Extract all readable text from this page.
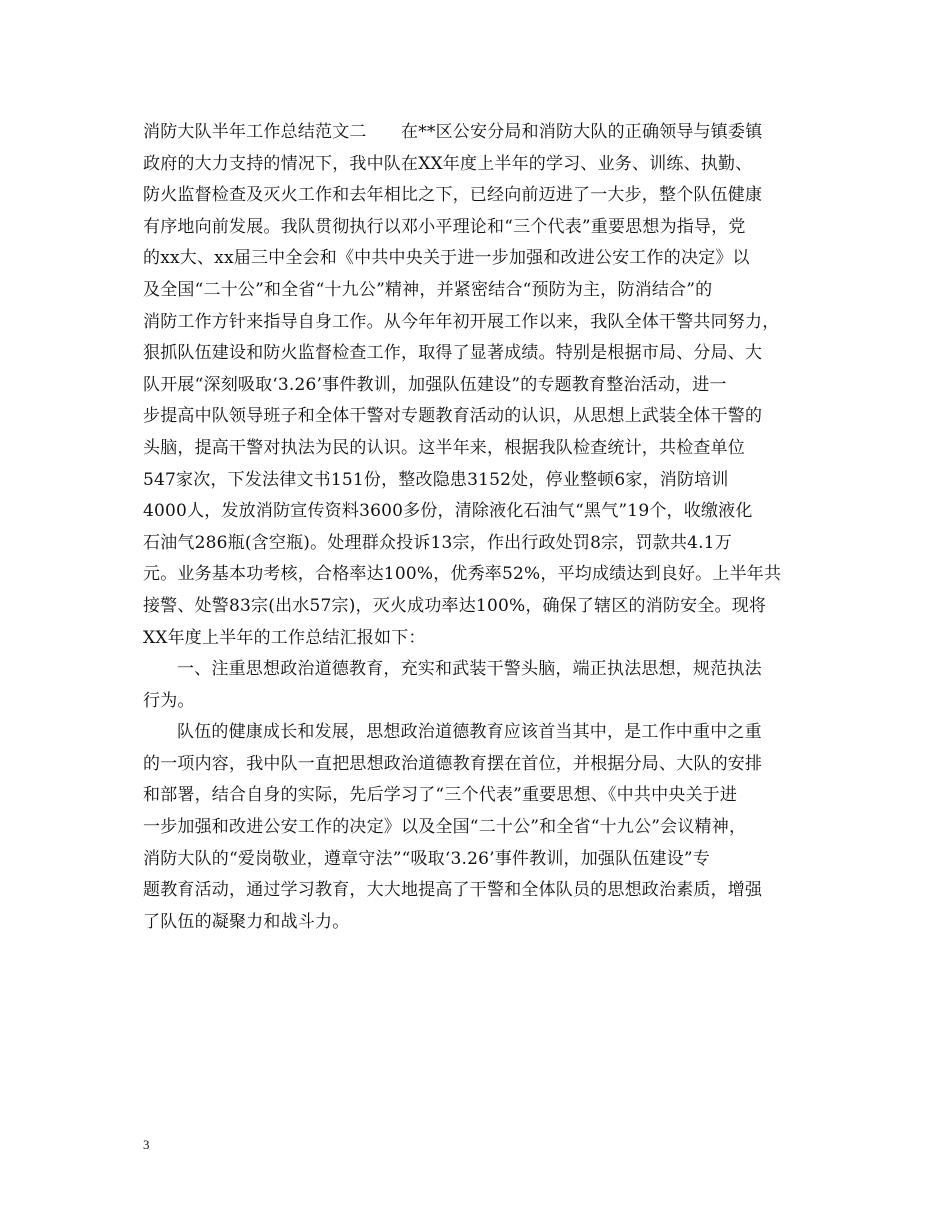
消防大队半年工作总结范文二　　在**区公安分局和消防大队的正确领导与镇委镇
政府的大力支持的情况下，我中队在XX年度上半年的学习、业务、训练、执勤、
防火监督检查及灭火工作和去年相比之下，已经向前迈进了一大步，整个队伍健康
有序地向前发展。我队贯彻执行以邓小平理论和“三个代表”重要思想为指导，党
的xx大、xx届三中全会和《中共中央关于进一步加强和改进公安工作的决定》以
及全国“二十公”和全省“十九公”精神，并紧密结合“预防为主，防消结合”的
消防工作方针来指导自身工作。从今年年初开展工作以来，我队全体干警共同努力，
狠抓队伍建设和防火监督检查工作，取得了显著成绩。特别是根据市局、分局、大
队开展“深刻吸取‘3.26’事件教训，加强队伍建设”的专题教育整治活动，进一
步提高中队领导班子和全体干警对专题教育活动的认识，从思想上武装全体干警的
头脑，提高干警对执法为民的认识。这半年来，根据我队检查统计，共检查单位
547家次，下发法律文书151份，整改隐患3152处，停业整顿6家，消防培训
4000人，发放消防宣传资料3600多份，清除液化石油气“黑气”19个，收缴液化
石油气286瓶(含空瓶)。处理群众投诉13宗，作出行政处罚8宗，罚款共4.1万
元。业务基本功考核，合格率达100%，优秀率52%，平均成绩达到良好。上半年共
接警、处警83宗(出水57宗)，灭火成功率达100%，确保了辖区的消防安全。现将
XX年度上半年的工作总结汇报如下：
一、注重思想政治道德教育，充实和武装干警头脑，端正执法思想，规范执法
行为。
队伍的健康成长和发展，思想政治道德教育应该首当其中，是工作中重中之重
的一项内容，我中队一直把思想政治道德教育摆在首位，并根据分局、大队的安排
和部署，结合自身的实际，先后学习了“三个代表”重要思想、《中共中央关于进
一步加强和改进公安工作的决定》以及全国“二十公”和全省“十九公”会议精神，
消防大队的“爱岗敬业，遵章守法”“吸取‘3.26’事件教训，加强队伍建设”专
题教育活动，通过学习教育，大大地提高了干警和全体队员的思想政治素质，增强
了队伍的凝聚力和战斗力。
3
